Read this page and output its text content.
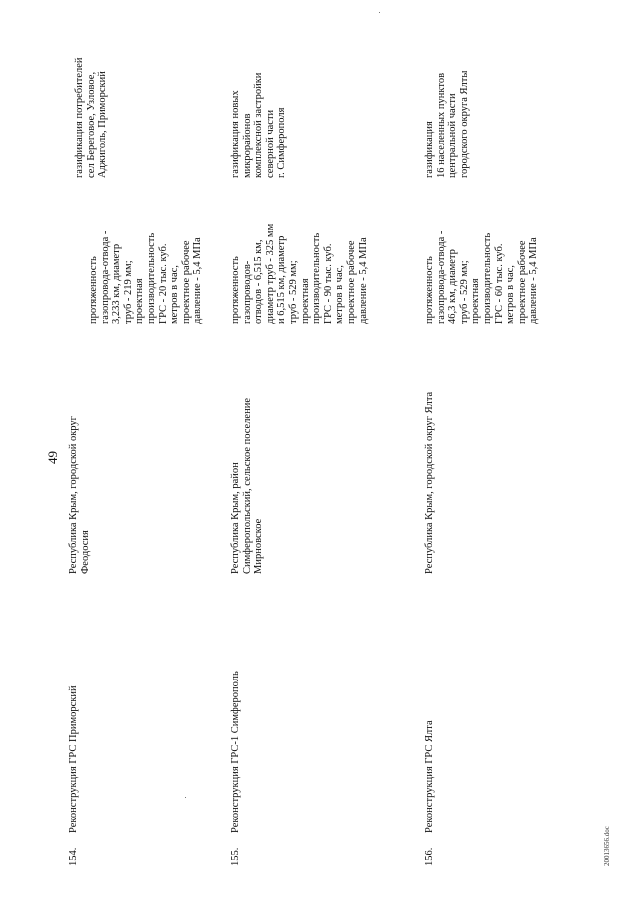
49
154.
Реконструкция ГРС Приморский
Республика Крым, городской округ
Феодосия
протяженность
газопровода-отвода -
3,233 км, диаметр
труб - 219 мм;
проектная
производительность
ГРС - 20 тыс. куб.
метров в час,
проектное рабочее
давление - 5,4 МПа
газификация потребителей
сел Береговое, Узловое,
Аджиголь, Приморский
155.
Реконструкция ГРС-1 Симферополь
Республика Крым, район
Симферопольский, сельское поселение
Мирновское
протяженность
газопроводов-
отводов - 6,515 км,
диаметр труб - 325 мм
и 6,515 км, диаметр
труб - 529 мм;
проектная
производительность
ГРС - 90 тыс. куб.
метров в час,
проектное рабочее
давление - 5,4 МПа
газификация новых
микрорайонов
комплексной застройки
северной части
г. Симферополя
156.
Реконструкция ГРС Ялта
Республика Крым, городской округ Ялта
протяженность
газопровода-отвода -
46,3 км, диаметр
труб - 529 мм;
проектная
производительность
ГРС - 60 тыс. куб.
метров в час,
проектное рабочее
давление - 5,4 МПа
газификация
16 населенных пунктов
центральной части
городского округа Ялты
20013656.doc
